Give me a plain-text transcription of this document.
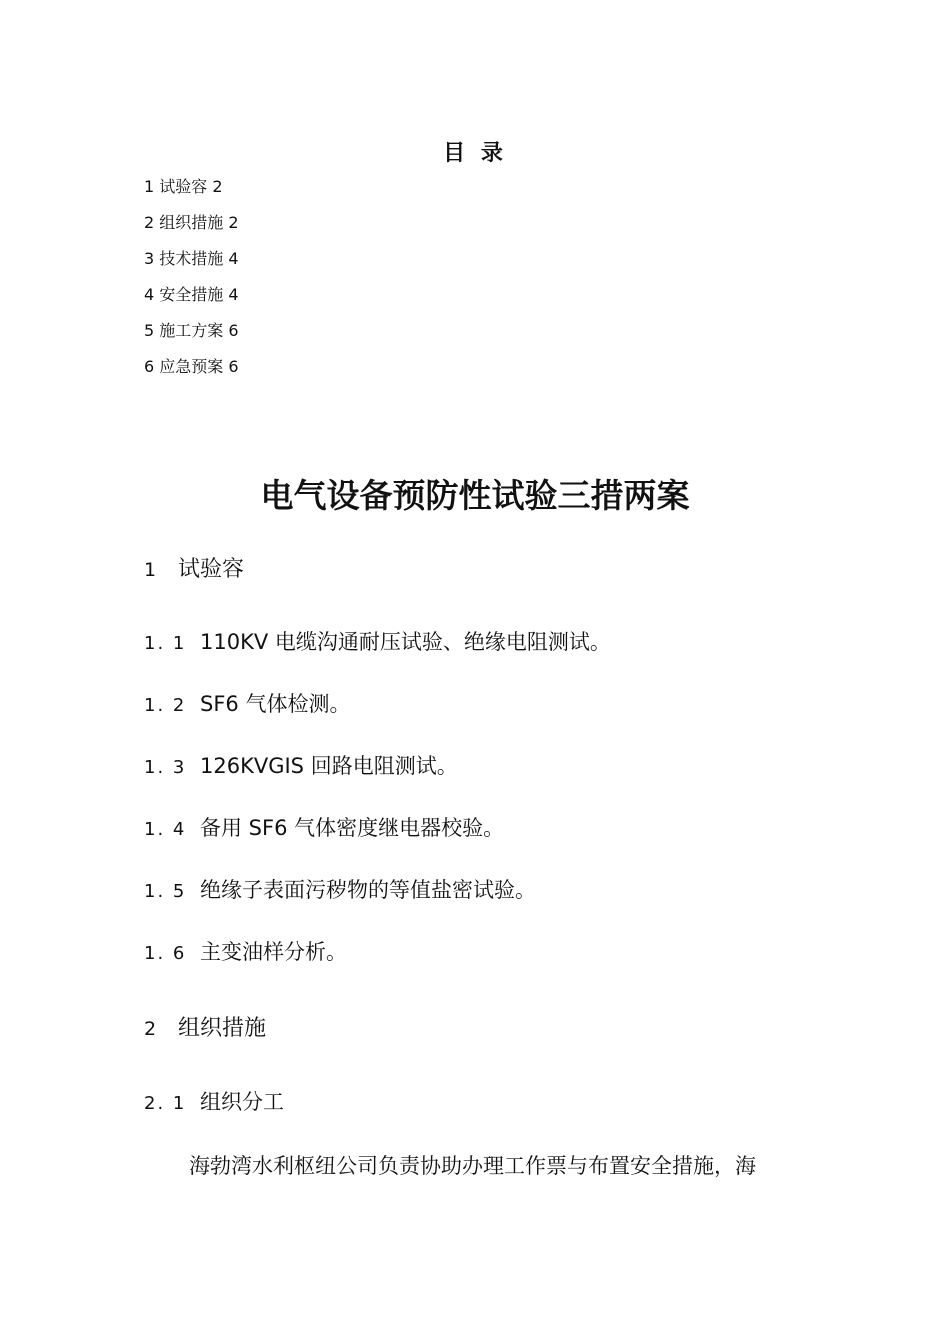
目 录
1 试验容 2
2 组织措施 2
3 技术措施 4
4 安全措施 4
5 施工方案 6
6 应急预案 6
电气设备预防性试验三措两案
1 试验容
1. 1 110KV 电缆沟通耐压试验、绝缘电阻测试。
1. 2 SF6 气体检测。
1. 3 126KVGIS 回路电阻测试。
1. 4 备用 SF6 气体密度继电器校验。
1. 5 绝缘子表面污秽物的等值盐密试验。
1. 6 主变油样分析。
2 组织措施
2. 1 组织分工
海勃湾水利枢纽公司负责协助办理工作票与布置安全措施，海
